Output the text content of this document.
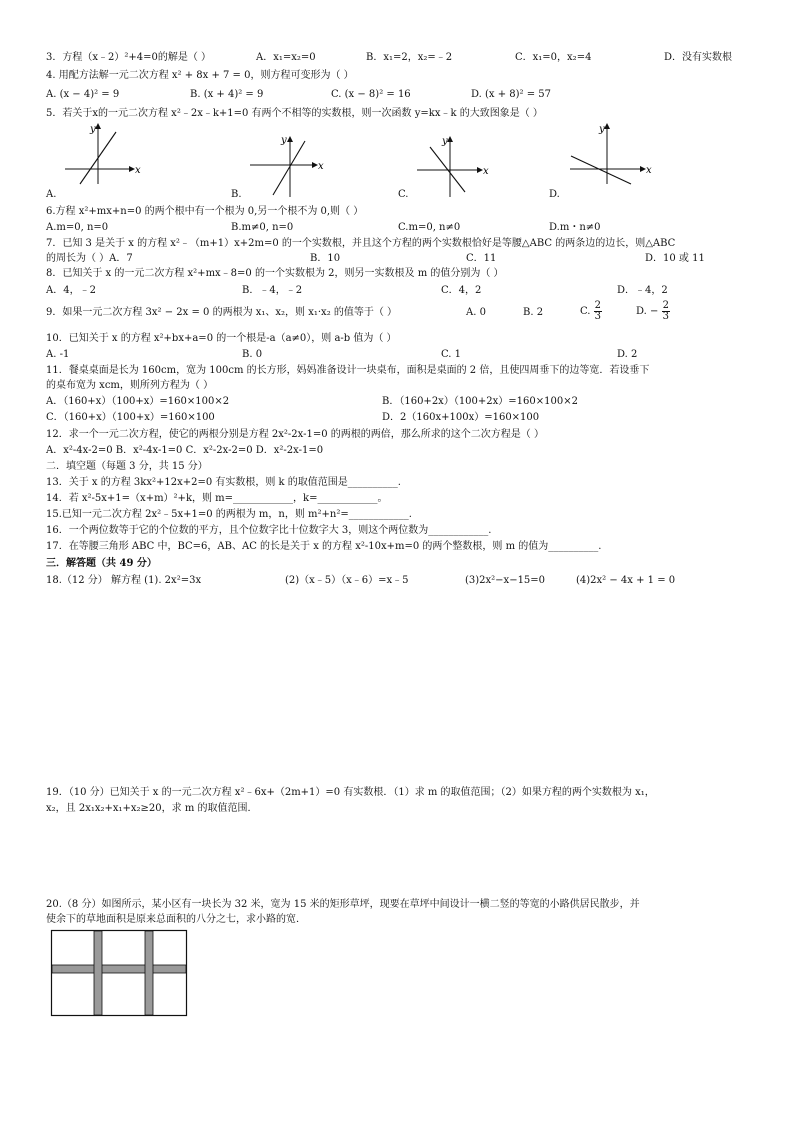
3．方程（x﹣2）²+4=0的解是（ ）	A．x₁=x₂=0	B．x₁=2，x₂=﹣2	C．x₁=0，x₂=4	D．没有实数根
4. 用配方法解一元二次方程 x² + 8x + 7 = 0，则方程可变形为（ ）
A. (x − 4)² = 9	B. (x + 4)² = 9	C. (x − 8)² = 16	D. (x + 8)² = 57
5．若关于x的一元二次方程 x²﹣2x﹣k+1=0 有两个不相等的实数根，则一次函数 y=kx﹣k 的大致图象是（ ）
y
x
A.
y
x
B.
y
x
C.
y
x
D.
6.方程 x²+mx+n=0 的两个根中有一个根为 0,另一个根不为 0,则（ ）
A.m=0, n=0	B.m≠0, n=0	C.m=0, n≠0	D.m・n≠0
7．已知 3 是关于 x 的方程 x²﹣（m+1）x+2m=0 的一个实数根，并且这个方程的两个实数根恰好是等腰△ABC 的两条边的边长，则△ABC
的周长为（ ）A．7	B．10	C．11	D．10 或 11
8．已知关于 x 的一元二次方程 x²+mx﹣8=0 的一个实数根为 2，则另一实数根及 m 的值分别为（ ）
A．4，﹣2	B．﹣4，﹣2	C．4，2	D．﹣4，2
9．如果一元二次方程 3x² − 2x = 0 的两根为 x₁、x₂，则 x₁·x₂ 的值等于（ ）	A. 0	B. 2	C. $\frac{2}{3}$	D. − $\frac{2}{3}$
10．已知关于 x 的方程 x²+bx+a=0 的一个根是-a（a≠0），则 a-b 值为（ ）
A. -1	B. 0	C. 1	D. 2
11．餐桌桌面是长为 160cm，宽为 100cm 的长方形，妈妈准备设计一块桌布，面积是桌面的 2 倍，且使四周垂下的边等宽．若设垂下
的桌布宽为 xcm，则所列方程为（ ）
A．（160+x）（100+x）=160×100×2	B．（160+2x）（100+2x）=160×100×2
C．（160+x）（100+x）=160×100	D．2（160x+100x）=160×100
12．求一个一元二次方程，使它的两根分别是方程 2x²-2x-1=0 的两根的两倍，那么所求的这个二次方程是（ ）
A．x²-4x-2=0 B．x²-4x-1=0 C．x²-2x-2=0 D．x²-2x-1=0
二．填空题（每题 3 分，共 15 分）
13．关于 x 的方程 3kx²+12x+2=0 有实数根，则 k 的取值范围是__________.
14．若 x²-5x+1=（x+m）²+k，则 m=____________，k=____________。
15.已知一元二次方程 2x²﹣5x+1=0 的两根为 m，n，则 m²+n²=____________.
16．一个两位数等于它的个位数的平方，且个位数字比十位数字大 3，则这个两位数为____________.
17．在等腰三角形 ABC 中，BC=6，AB、AC 的长是关于 x 的方程 x²-10x+m=0 的两个整数根，则 m 的值为__________.
三．解答题（共 49 分）
18.（12 分） 解方程 (1). 2x²=3x	(2)（x﹣5）（x﹣6）=x﹣5	(3)2x²−x−15=0	(4)2x² − 4x + 1 = 0
19．（10 分）已知关于 x 的一元二次方程 x²﹣6x+（2m+1）=0 有实数根．（1）求 m 的取值范围；（2）如果方程的两个实数根为 x₁，
x₂，且 2x₁x₂+x₁+x₂≥20，求 m 的取值范围．
20.（8 分）如图所示，某小区有一块长为 32 米，宽为 15 米的矩形草坪，现要在草坪中间设计一横二竖的等宽的小路供居民散步，并
使余下的草地面积是原来总面积的八分之七，求小路的宽．
